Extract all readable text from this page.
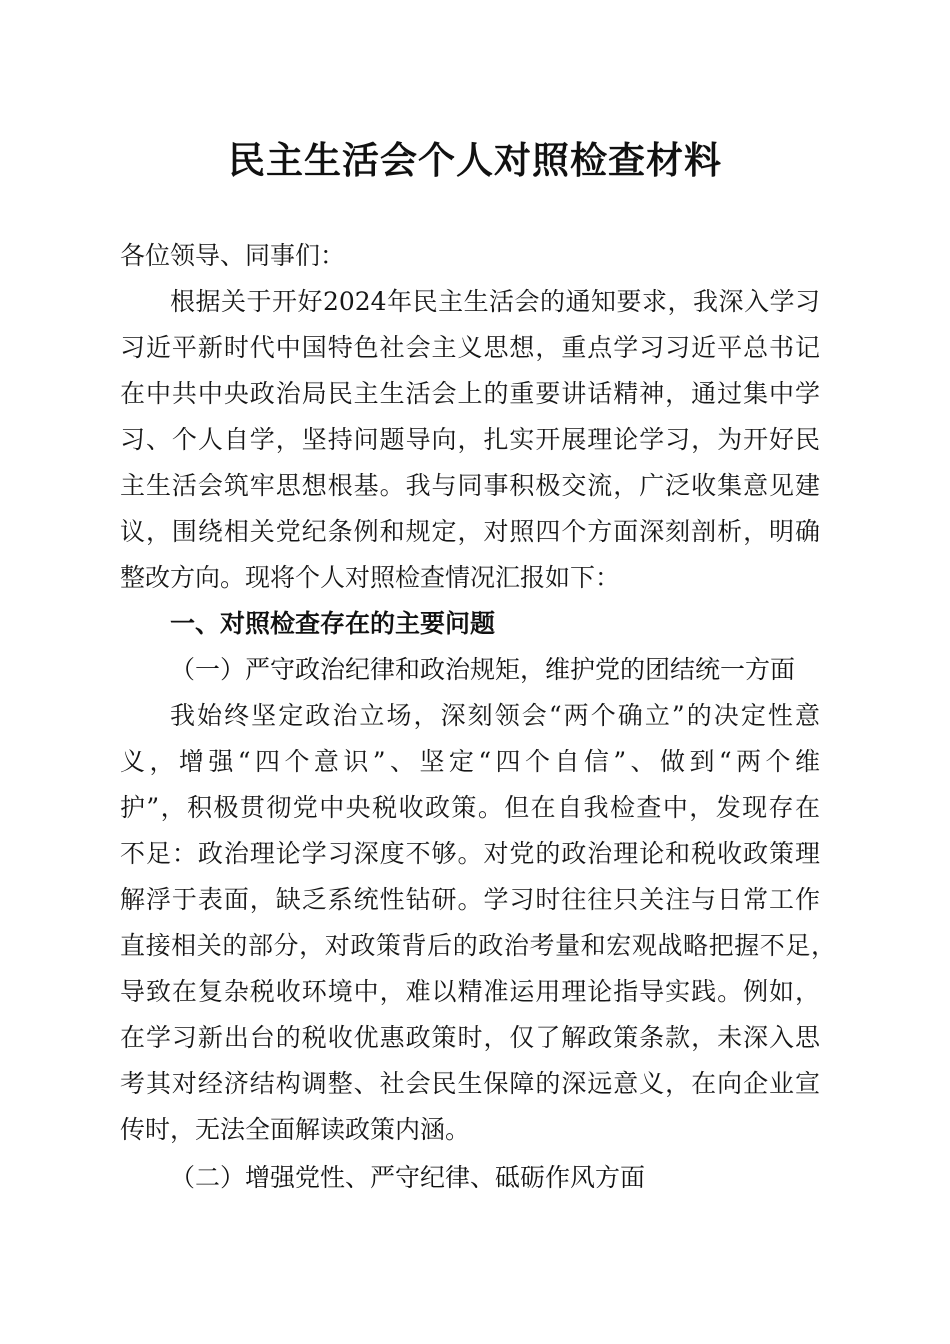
民主生活会个人对照检查材料
各位领导、同事们：
根据关于开好2024年民主生活会的通知要求，我深入学习
习近平新时代中国特色社会主义思想，重点学习习近平总书记
在中共中央政治局民主生活会上的重要讲话精神，通过集中学
习、个人自学，坚持问题导向，扎实开展理论学习，为开好民
主生活会筑牢思想根基。我与同事积极交流，广泛收集意见建
议，围绕相关党纪条例和规定，对照四个方面深刻剖析，明确
整改方向。现将个人对照检查情况汇报如下：
一、对照检查存在的主要问题
（一）严守政治纪律和政治规矩，维护党的团结统一方面
我始终坚定政治立场，深刻领会“两个确立”的决定性意
义，增强“四个意识”、坚定“四个自信”、做到“两个维
护”，积极贯彻党中央税收政策。但在自我检查中，发现存在
不足：政治理论学习深度不够。对党的政治理论和税收政策理
解浮于表面，缺乏系统性钻研。学习时往往只关注与日常工作
直接相关的部分，对政策背后的政治考量和宏观战略把握不足，
导致在复杂税收环境中，难以精准运用理论指导实践。例如，
在学习新出台的税收优惠政策时，仅了解政策条款，未深入思
考其对经济结构调整、社会民生保障的深远意义，在向企业宣
传时，无法全面解读政策内涵。
（二）增强党性、严守纪律、砥砺作风方面
